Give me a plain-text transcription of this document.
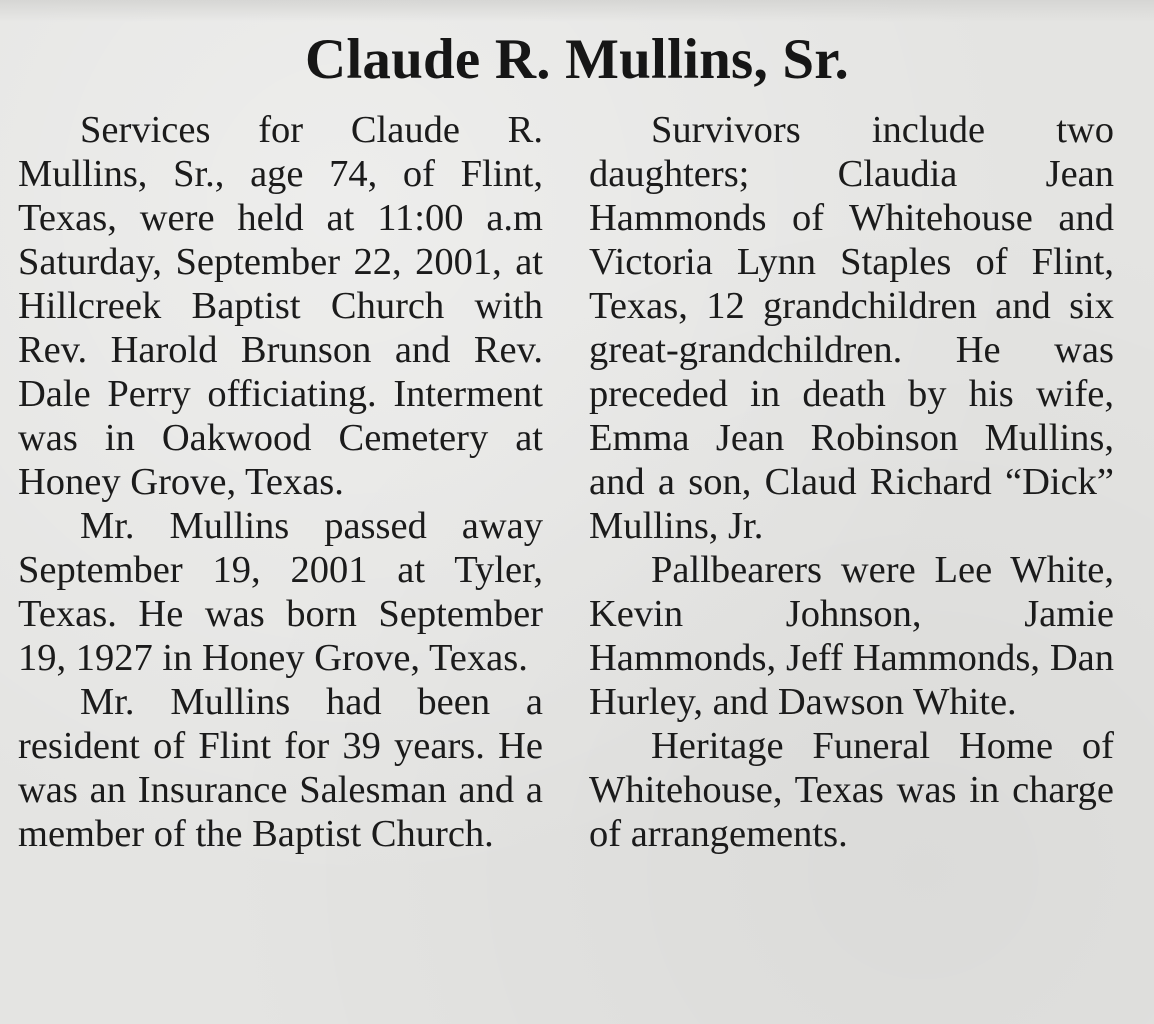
Claude R. Mullins, Sr.

Services for Claude R. Mullins, Sr., age 74, of Flint, Texas, were held at 11:00 a.m Saturday, September 22, 2001, at Hillcreek Baptist Church with Rev. Harold Brunson and Rev. Dale Perry officiating. Interment was in Oakwood Cemetery at Honey Grove, Texas.

Mr. Mullins passed away September 19, 2001 at Tyler, Texas. He was born September 19, 1927 in Honey Grove, Texas.

Mr. Mullins had been a resident of Flint for 39 years. He was an Insurance Salesman and a member of the Baptist Church.

Survivors include two daughters; Claudia Jean Hammonds of Whitehouse and Victoria Lynn Staples of Flint, Texas, 12 grandchildren and six great-grandchildren. He was preceded in death by his wife, Emma Jean Robinson Mullins, and a son, Claud Richard “Dick” Mullins, Jr.

Pallbearers were Lee White, Kevin Johnson, Jamie Hammonds, Jeff Hammonds, Dan Hurley, and Dawson White.

Heritage Funeral Home of Whitehouse, Texas was in charge of arrangements.
